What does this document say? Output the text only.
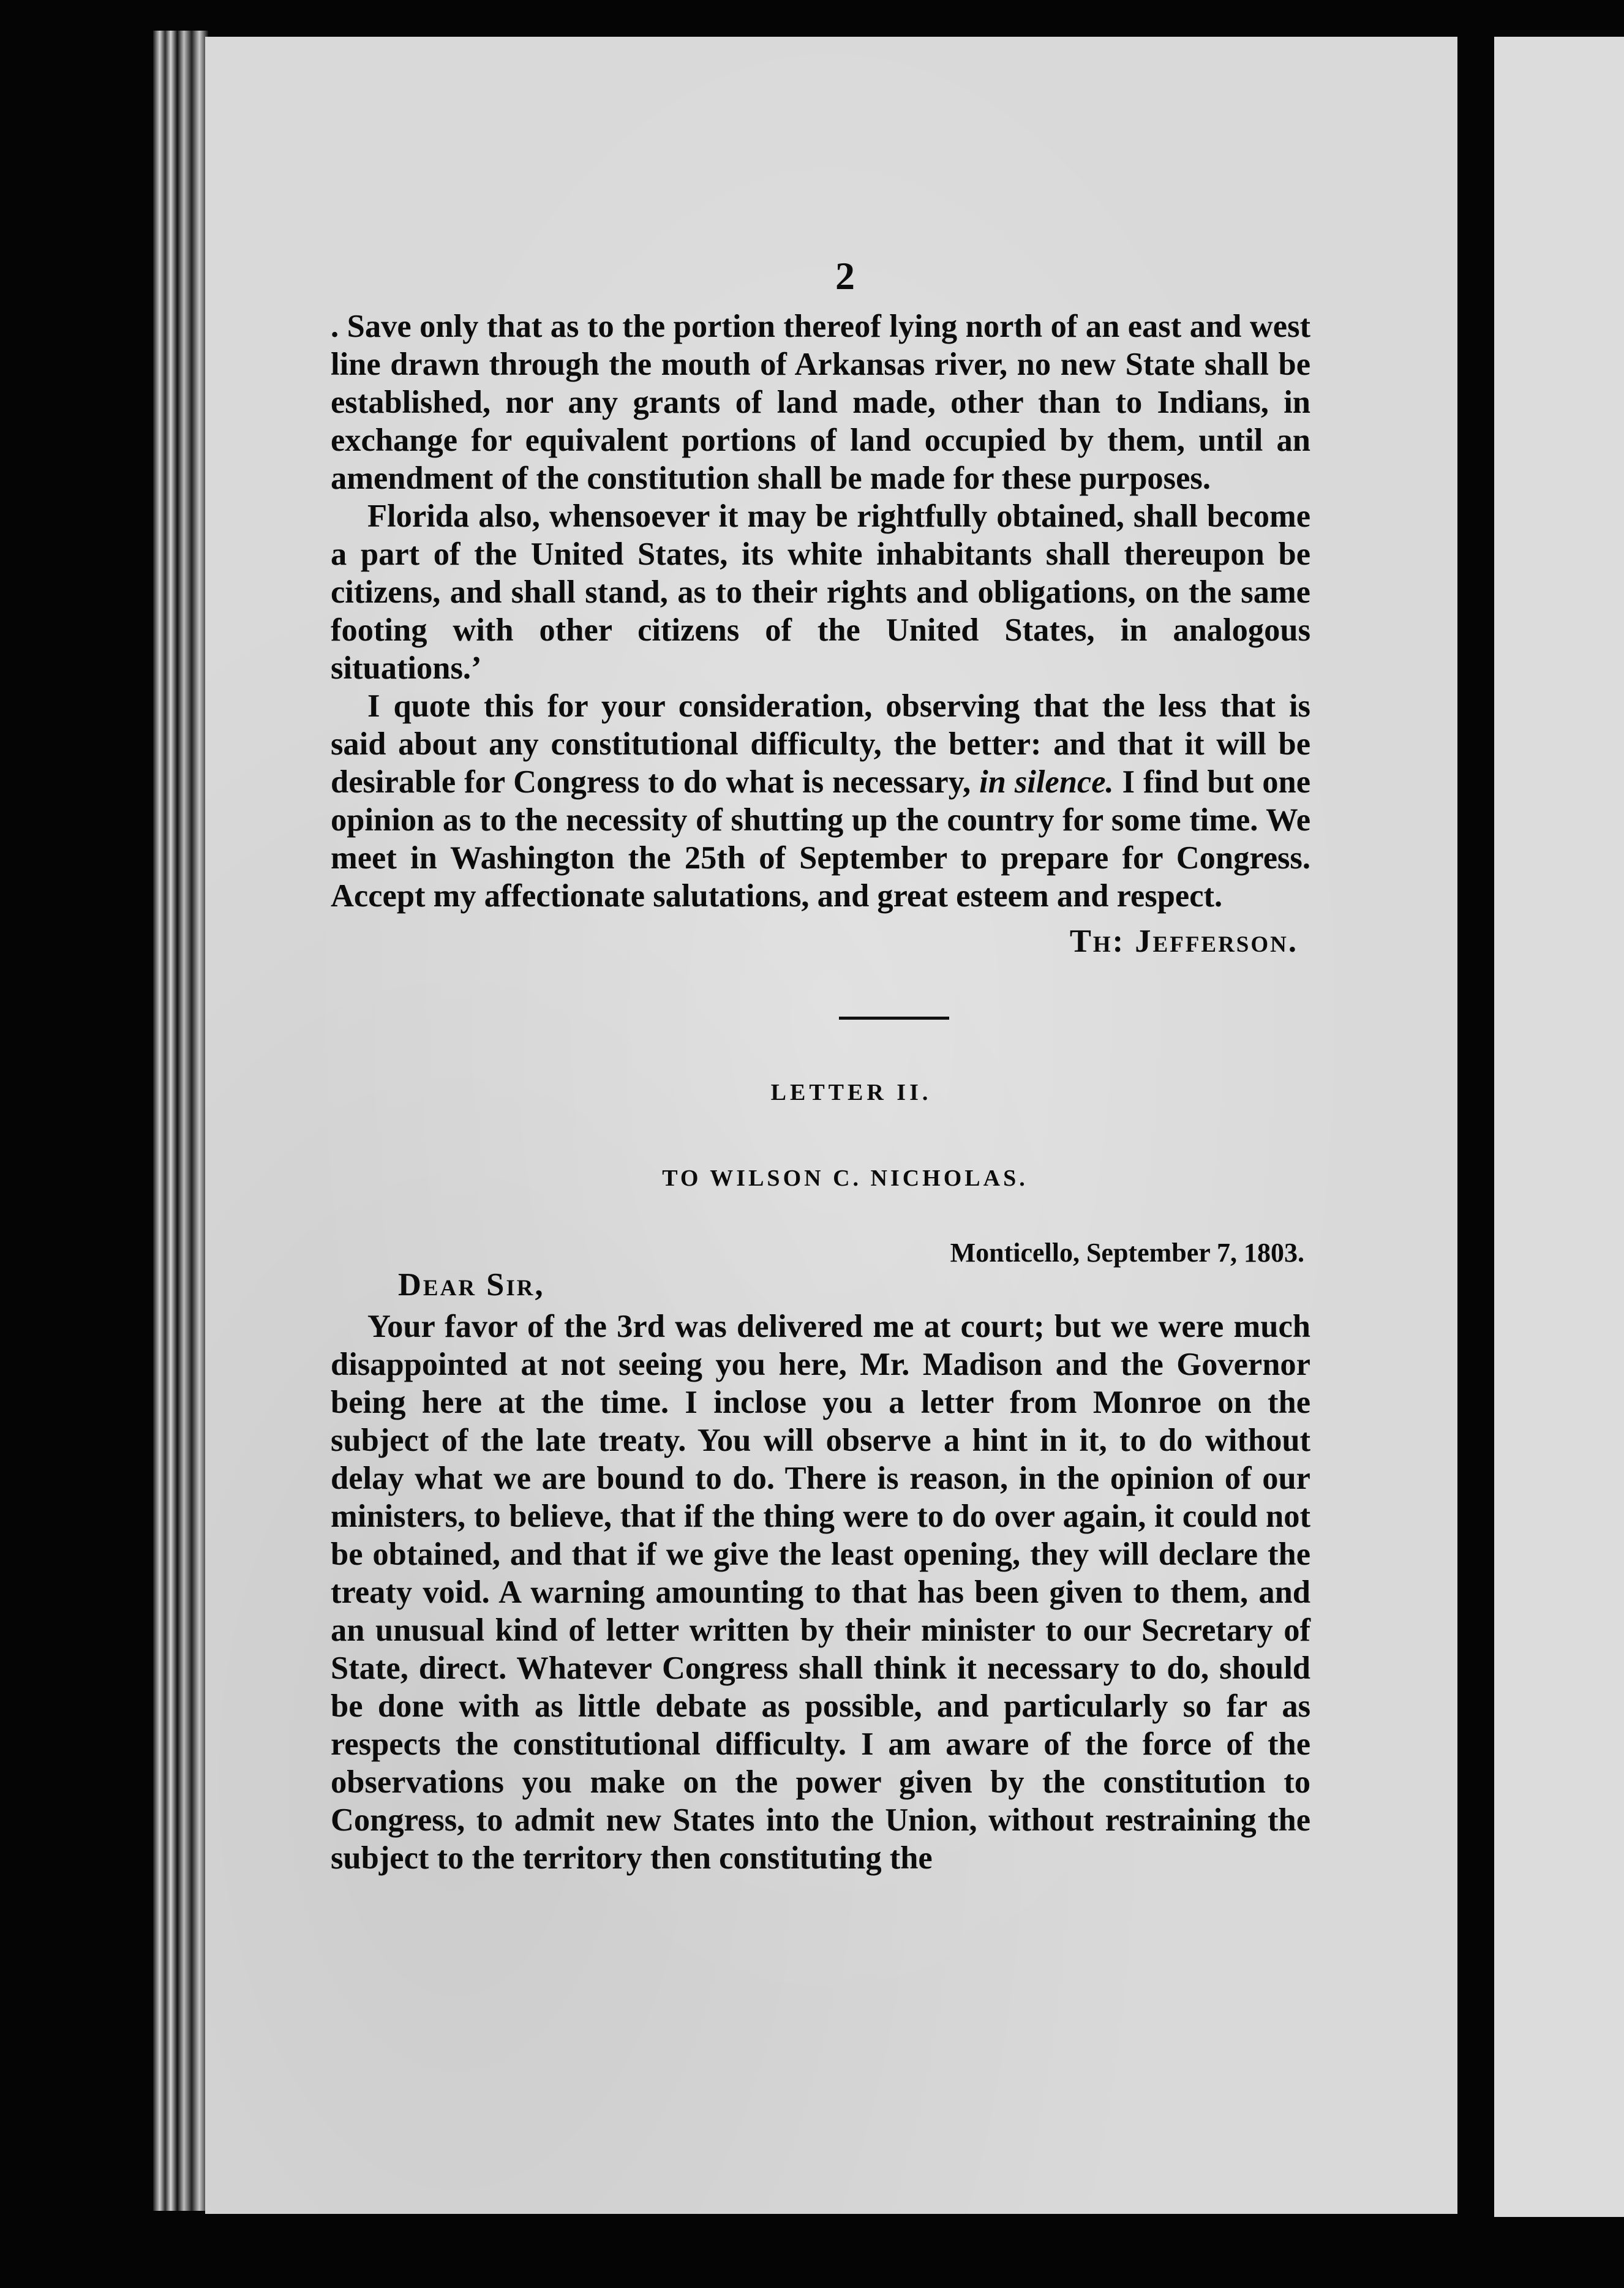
2

. Save only that as to the portion thereof lying north of an east and west line drawn through the mouth of Arkansas river, no new State shall be established, nor any grants of land made, other than to Indians, in exchange for equivalent portions of land occupied by them, until an amendment of the constitution shall be made for these purposes.

Florida also, whensoever it may be rightfully obtained, shall become a part of the United States, its white inhabitants shall thereupon be citizens, and shall stand, as to their rights and obligations, on the same footing with other citizens of the United States, in analogous situations.’

I quote this for your consideration, observing that the less that is said about any constitutional difficulty, the better: and that it will be desirable for Congress to do what is necessary, in silence. I find but one opinion as to the necessity of shutting up the country for some time. We meet in Washington the 25th of September to prepare for Congress. Accept my affectionate salutations, and great esteem and respect.

Th: Jefferson.
LETTER II.
TO WILSON C. NICHOLAS.
Monticello, September 7, 1803.
Dear Sir,

Your favor of the 3rd was delivered me at court; but we were much disappointed at not seeing you here, Mr. Madison and the Governor being here at the time. I inclose you a letter from Monroe on the subject of the late treaty. You will observe a hint in it, to do without delay what we are bound to do. There is reason, in the opinion of our ministers, to believe, that if the thing were to do over again, it could not be obtained, and that if we give the least opening, they will declare the treaty void. A warning amounting to that has been given to them, and an unusual kind of letter written by their minister to our Secretary of State, direct. Whatever Congress shall think it necessary to do, should be done with as little debate as possible, and particularly so far as respects the constitutional difficulty. I am aware of the force of the observations you make on the power given by the constitution to Congress, to admit new States into the Union, without restraining the subject to the territory then constituting the
